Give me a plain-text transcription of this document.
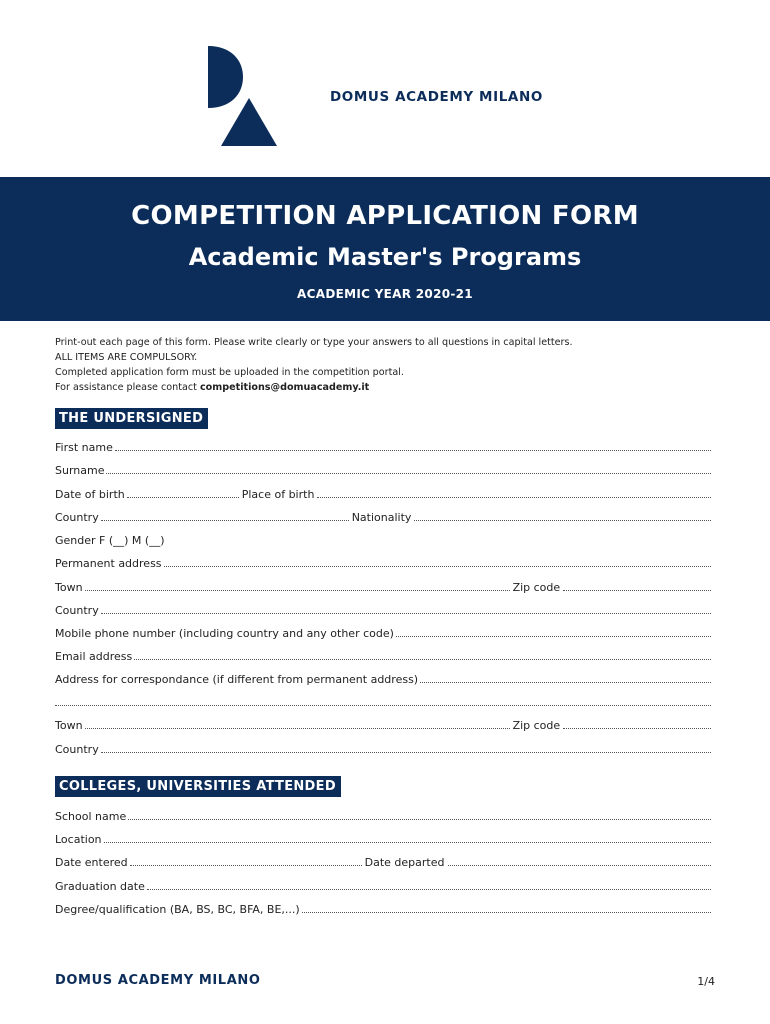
DOMUS ACADEMY MILANO
COMPETITION APPLICATION FORM
Academic Master's Programs
ACADEMIC YEAR 2020-21
Print-out each page of this form. Please write clearly or type your answers to all questions in capital letters.
ALL ITEMS ARE COMPULSORY.
Completed application form must be uploaded in the competition portal.
For assistance please contact competitions@domuacademy.it
THE UNDERSIGNED
First name
Surname
Date of birth	Place of birth
Country	Nationality
Gender F (__) M (__)
Permanent address
Town	Zip code
Country
Mobile phone number (including country and any other code)
Email address
Address for correspondance (if different from permanent address)
Town	Zip code
Country
COLLEGES, UNIVERSITIES ATTENDED
School name
Location
Date entered	Date departed
Graduation date
Degree/qualification (BA, BS, BC, BFA, BE,...)
DOMUS ACADEMY MILANO	1/4
